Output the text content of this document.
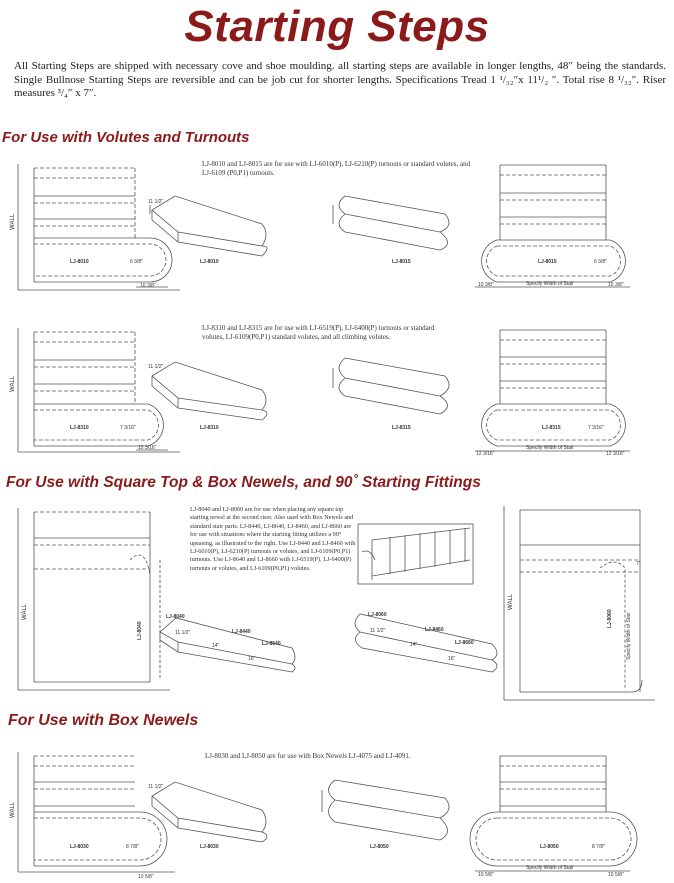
Starting Steps
All Starting Steps are shipped with necessary cove and shoe moulding. all starting steps are available in longer lengths, 48″ being the standards. Single Bullnose Starting Steps are reversible and can be job cut for shorter lengths. Specifications Tread 1 ¹/₃₂″x 11¹/₂ ″. Total rise 8 ¹/₃₂″. Riser measures ³/₄″ x 7″.
For Use with Volutes and Turnouts
LJ-8010 and LJ-8015 are for use with LJ-6010(P), LJ-6210(P) turnouts or standard volutes, and LJ-6109 (P0,P1) turnouts.
LJ-8310 and LJ-8315 are for use with LJ-6519(P), LJ-6400(P) turnouts or standard volutes, LJ-6109(P0,P1) standard volutes, and all climbing volutes.
For Use with Square Top & Box Newels, and 90˚ Starting Fittings
LJ-8040 and LJ-8060 are for use when placing any square top starting newel at the second riser. Also used with Box Newels and standard stair parts. LJ-8440, LJ-8640, LJ-8460, and LJ-8660 are for use with situations where the starting fitting utilizes a 90° upeasing, as illustrated to the right. Use LJ-8440 and LJ-8460 with LJ-6010(P), LJ-6210(P) turnouts or volutes, and LJ-6109(P0,P1) turnouts. Use LJ-8640 and LJ-8660 with LJ-6519(P), LJ-6400(P) turnouts or volutes, and LJ-6109(P0,P1) volutes.
For Use with Box Newels
LJ-8030 and LJ-8050 are for use with Box Newels LJ-4075 and LJ-4091.
WALL
LJ-8010	6 3/8"
10 3/8"
11 1/2"
LJ-8010	LJ-8015	LJ-8015	6 3/8"
10 3/8"	Specify Width of Stair	10 3/8"
WALL
LJ-8310	7 3/16"
12 3/16"
11 1/2"
LJ-8310	LJ-8315	LJ-8315	7 3/16"
12 3/16"
Specify Width of Stair
12 3/16"
WALL
LJ-8040
LJ-8040
LJ-8440
LJ-8640
11 1/2"
14"
16"
LJ-8060
LJ-8460
LJ-8660
11 1/2"
14"
16"
WALL
LJ-8060
7"
Specify Width of Stair
WALL
LJ-8030	8 7/8"
10 5/8"
11 1/2"
LJ-8030	LJ-8050	LJ-8050	8 7/8"
10 5/8"
Specify Width of Stair
10 5/8"
